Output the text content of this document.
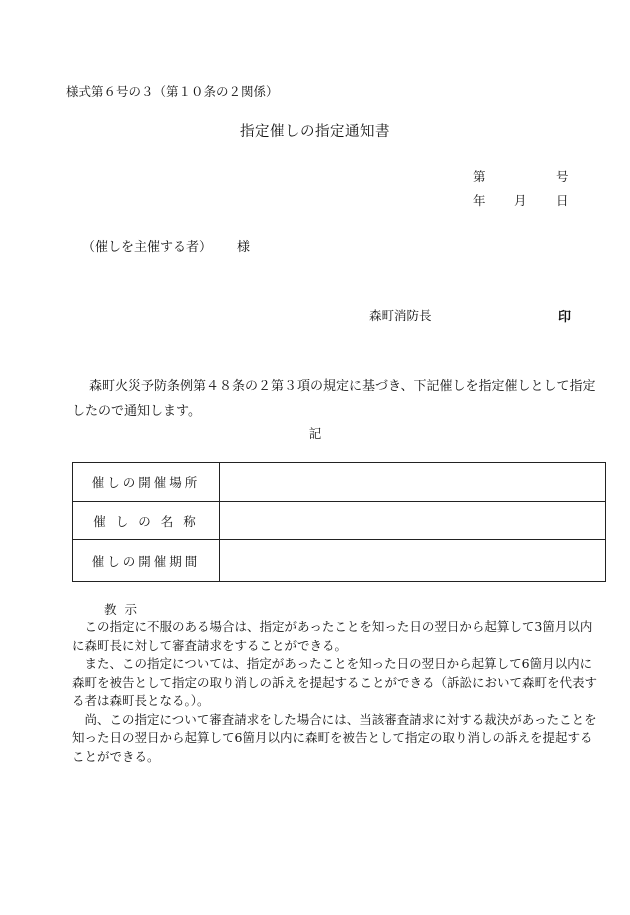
様式第６号の３（第１０条の２関係）
指定催しの指定通知書
第	号
年 月 日
（催しを主催する者） 様
森町消防長	印
森町火災予防条例第４８条の２第３項の規定に基づき、下記催しを指定催しとして指定したので通知します。
記
催しの開催場所	
催 し の 名 称	
催しの開催期間	
教示

この指定に不服のある場合は、指定があったことを知った日の翌日から起算して3箇月以内に森町長に対して審査請求をすることができる。

また、この指定については、指定があったことを知った日の翌日から起算して6箇月以内に森町を被告として指定の取り消しの訴えを提起することができる（訴訟において森町を代表する者は森町長となる。）。

尚、この指定について審査請求をした場合には、当該審査請求に対する裁決があったことを知った日の翌日から起算して6箇月以内に森町を被告として指定の取り消しの訴えを提起することができる。
